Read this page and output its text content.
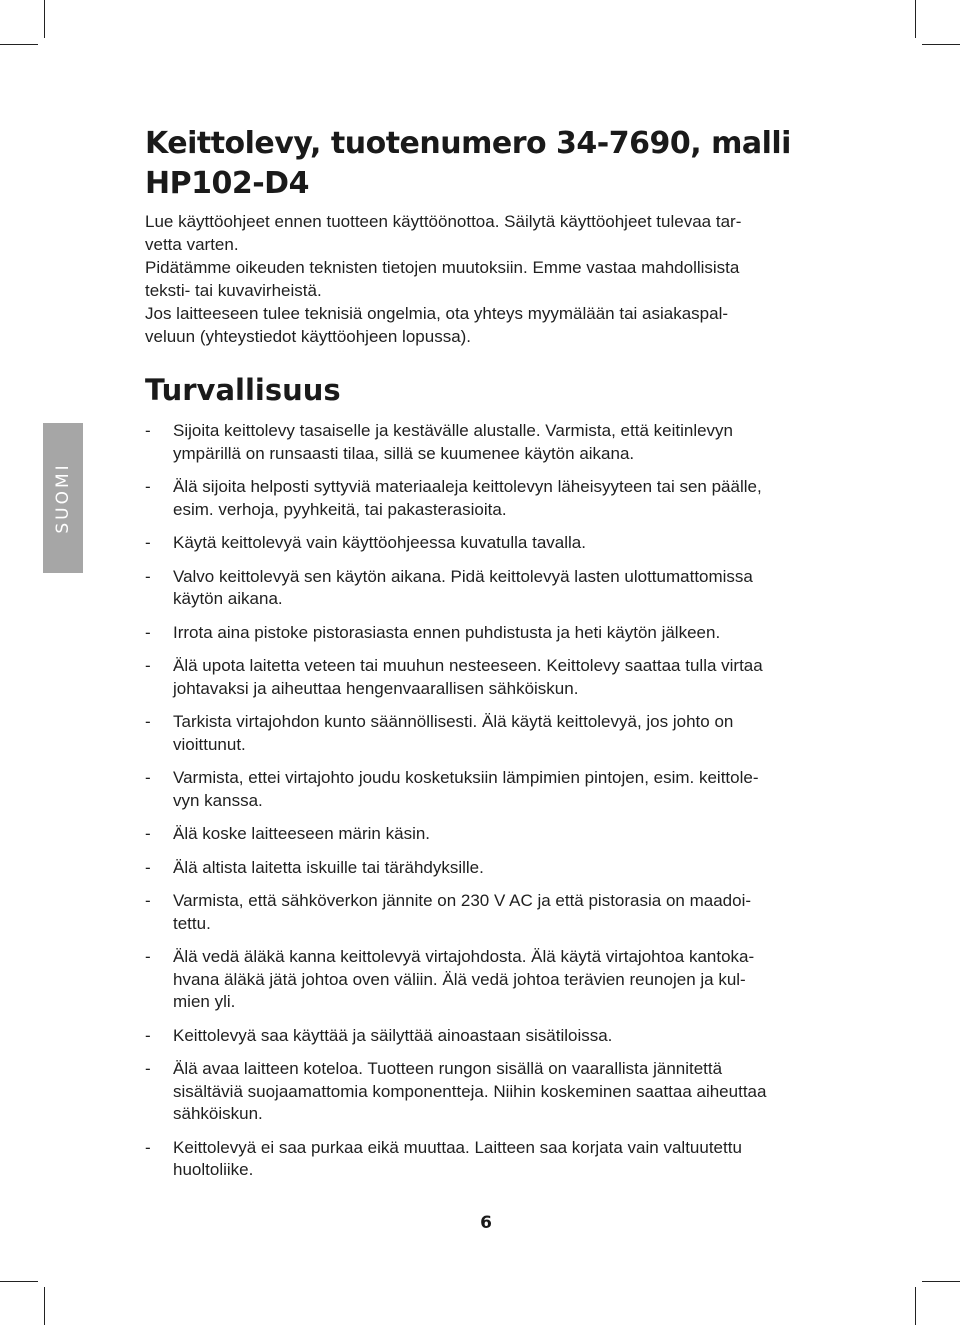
SUOMI
Keittolevy, tuotenumero 34-7690, malli HP102-D4

Lue käyttöohjeet ennen tuotteen käyttöönottoa. Säilytä käyttöohjeet tulevaa tar-

vetta varten.

Pidätämme oikeuden teknisten tietojen muutoksiin. Emme vastaa mahdollisista

teksti- tai kuvavirheistä.

Jos laitteeseen tulee teknisiä ongelmia, ota yhteys myymälään tai asiakaspal-

veluun (yhteystiedot käyttöohjeen lopussa).

Turvallisuus
- Sijoita keittolevy tasaiselle ja kestävälle alustalle. Varmista, että keitinlevyn
ympärillä on runsaasti tilaa, sillä se kuumenee käytön aikana.
- Älä sijoita helposti syttyviä materiaaleja keittolevyn läheisyyteen tai sen päälle,
esim. verhoja, pyyhkeitä, tai pakasterasioita.
- Käytä keittolevyä vain käyttöohjeessa kuvatulla tavalla.
- Valvo keittolevyä sen käytön aikana. Pidä keittolevyä lasten ulottumattomissa
käytön aikana.
- Irrota aina pistoke pistorasiasta ennen puhdistusta ja heti käytön jälkeen.
- Älä upota laitetta veteen tai muuhun nesteeseen. Keittolevy saattaa tulla virtaa
johtavaksi ja aiheuttaa hengenvaarallisen sähköiskun.
- Tarkista virtajohdon kunto säännöllisesti. Älä käytä keittolevyä, jos johto on
vioittunut.
- Varmista, ettei virtajohto joudu kosketuksiin lämpimien pintojen, esim. keittole-
vyn kanssa.
- Älä koske laitteeseen märin käsin.
- Älä altista laitetta iskuille tai tärähdyksille.
- Varmista, että sähköverkon jännite on 230 V AC ja että pistorasia on maadoi-
tettu.
- Älä vedä äläkä kanna keittolevyä virtajohdosta. Älä käytä virtajohtoa kantoka-
hvana äläkä jätä johtoa oven väliin. Älä vedä johtoa terävien reunojen ja kul-
mien yli.
- Keittolevyä saa käyttää ja säilyttää ainoastaan sisätiloissa.
- Älä avaa laitteen koteloa. Tuotteen rungon sisällä on vaarallista jännitettä
sisältäviä suojaamattomia komponentteja. Niihin koskeminen saattaa aiheuttaa
sähköiskun.
- Keittolevyä ei saa purkaa eikä muuttaa. Laitteen saa korjata vain valtuutettu
huoltoliike.
6
